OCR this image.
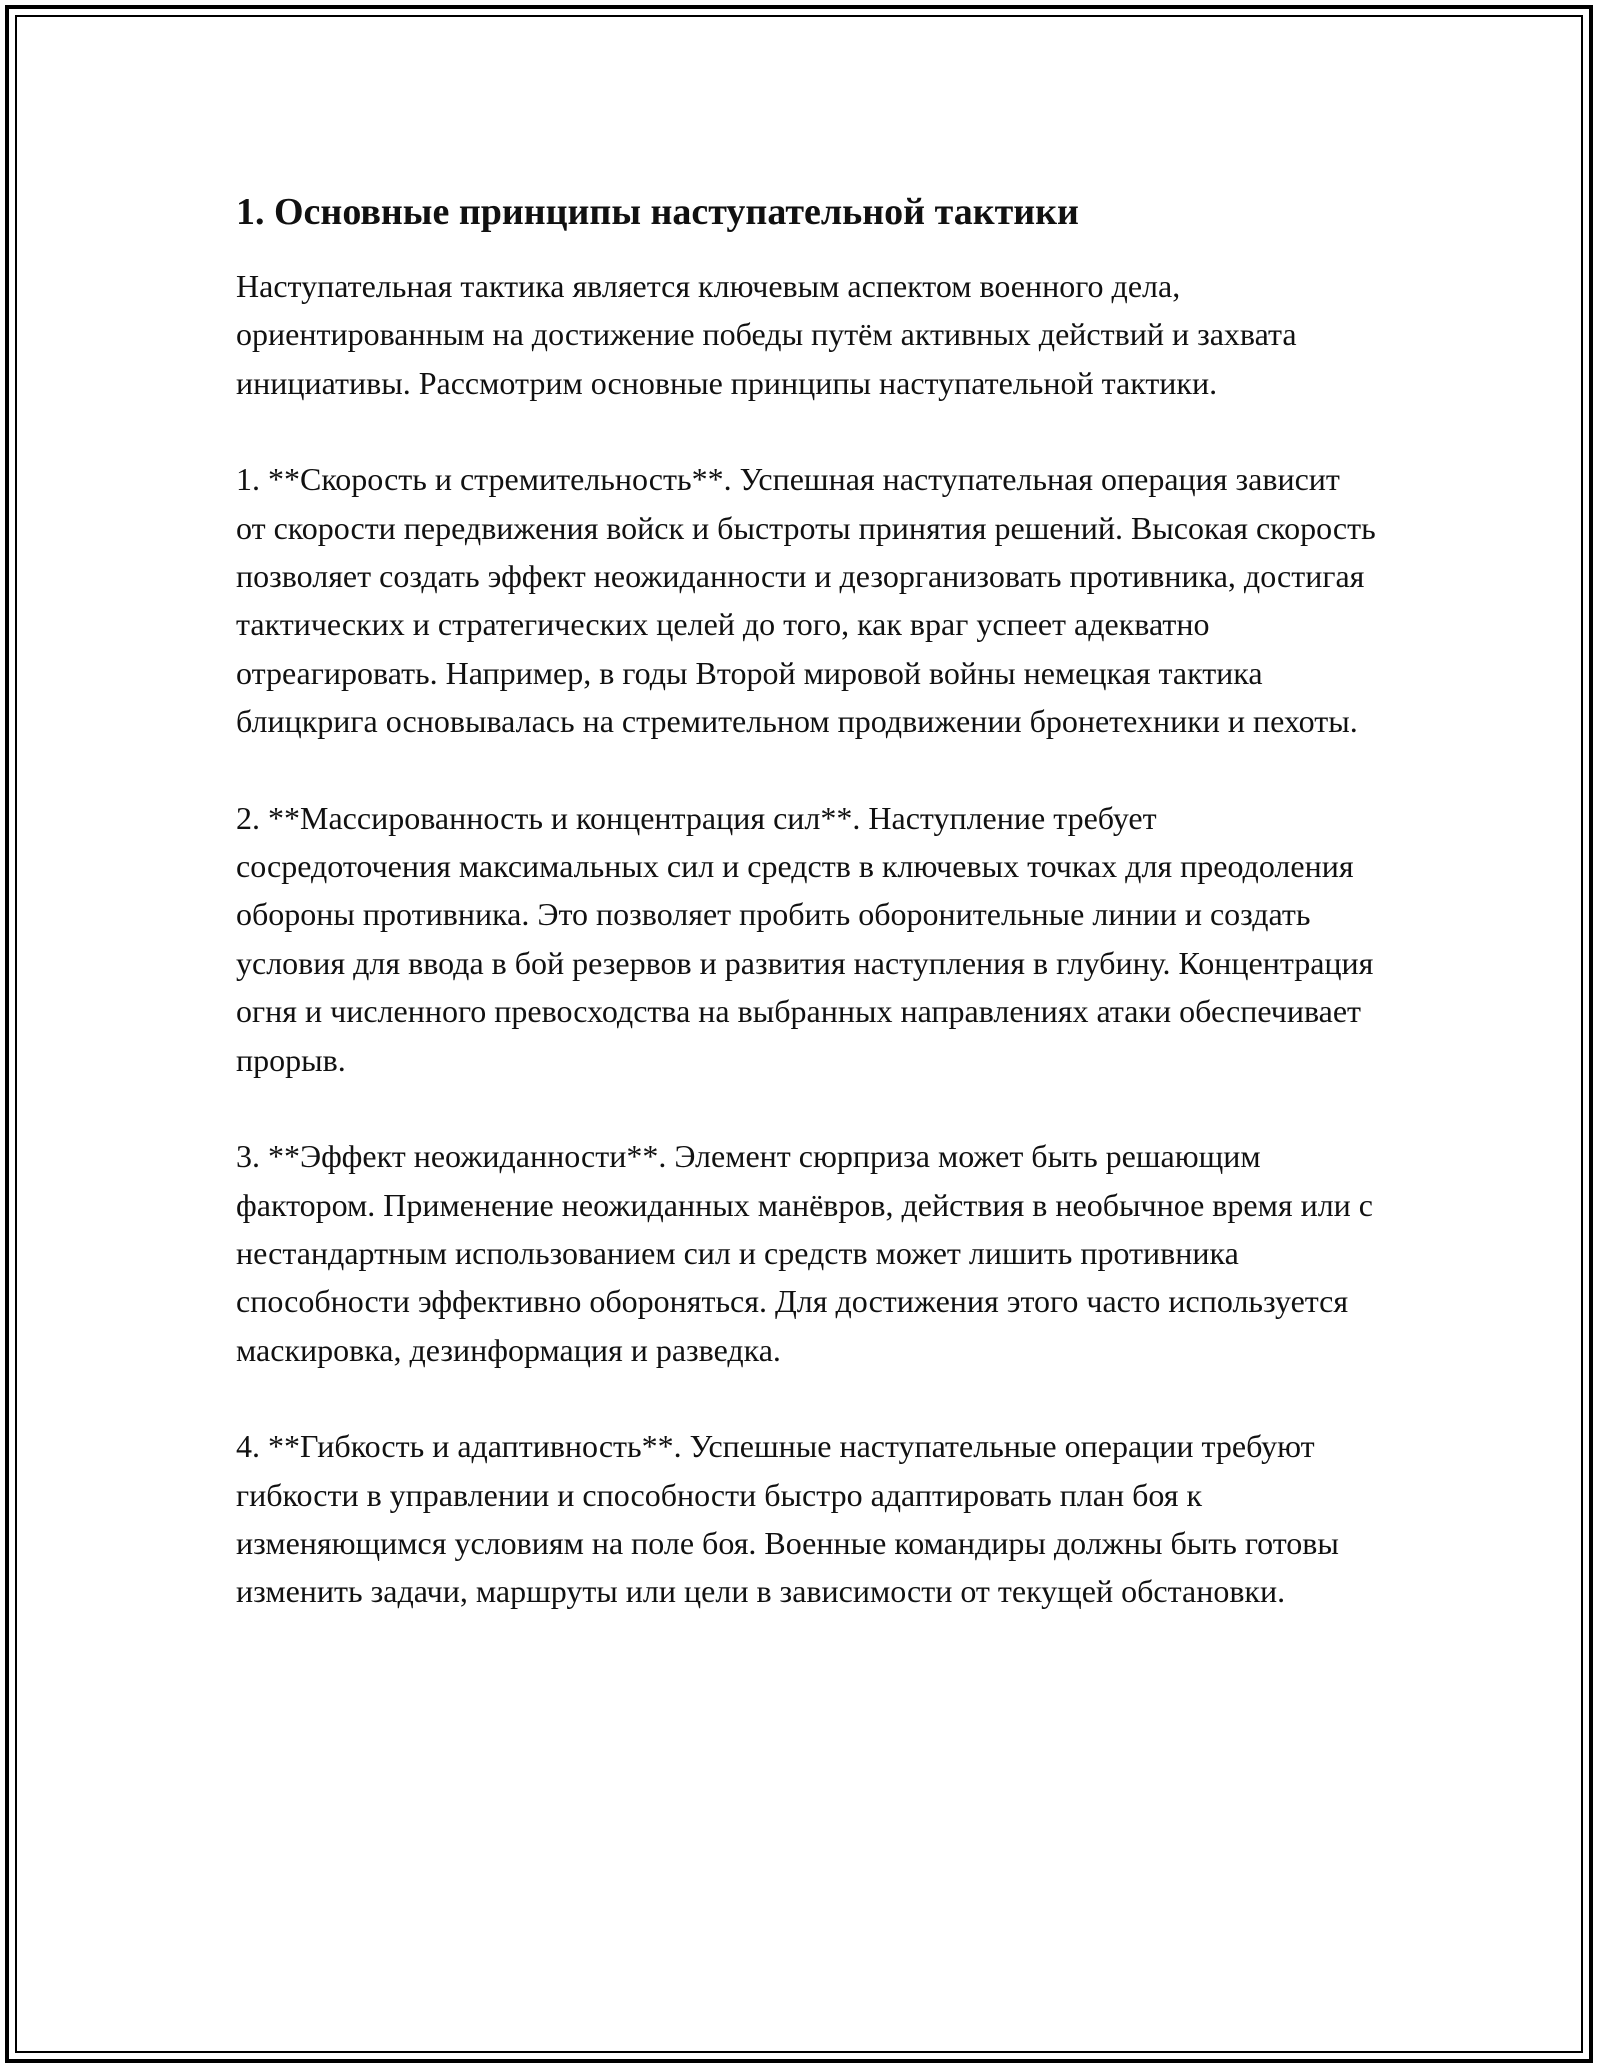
1. Основные принципы наступательной тактики

Наступательная тактика является ключевым аспектом военного дела, ориентированным на достижение победы путём активных действий и захвата инициативы. Рассмотрим основные принципы наступательной тактики.

1. **Скорость и стремительность**. Успешная наступательная операция зависит от скорости передвижения войск и быстроты принятия решений. Высокая скорость позволяет создать эффект неожиданности и дезорганизовать противника, достигая тактических и стратегических целей до того, как враг успеет адекватно отреагировать. Например, в годы Второй мировой войны немецкая тактика блицкрига основывалась на стремительном продвижении бронетехники и пехоты.

2. **Массированность и концентрация сил**. Наступление требует сосредоточения максимальных сил и средств в ключевых точках для преодоления обороны противника. Это позволяет пробить оборонительные линии и создать условия для ввода в бой резервов и развития наступления в глубину. Концентрация огня и численного превосходства на выбранных направлениях атаки обеспечивает прорыв.

3. **Эффект неожиданности**. Элемент сюрприза может быть решающим фактором. Применение неожиданных манёвров, действия в необычное время или с нестандартным использованием сил и средств может лишить противника способности эффективно обороняться. Для достижения этого часто используется маскировка, дезинформация и разведка.

4. **Гибкость и адаптивность**. Успешные наступательные операции требуют гибкости в управлении и способности быстро адаптировать план боя к изменяющимся условиям на поле боя. Военные командиры должны быть готовы изменить задачи, маршруты или цели в зависимости от текущей обстановки.
